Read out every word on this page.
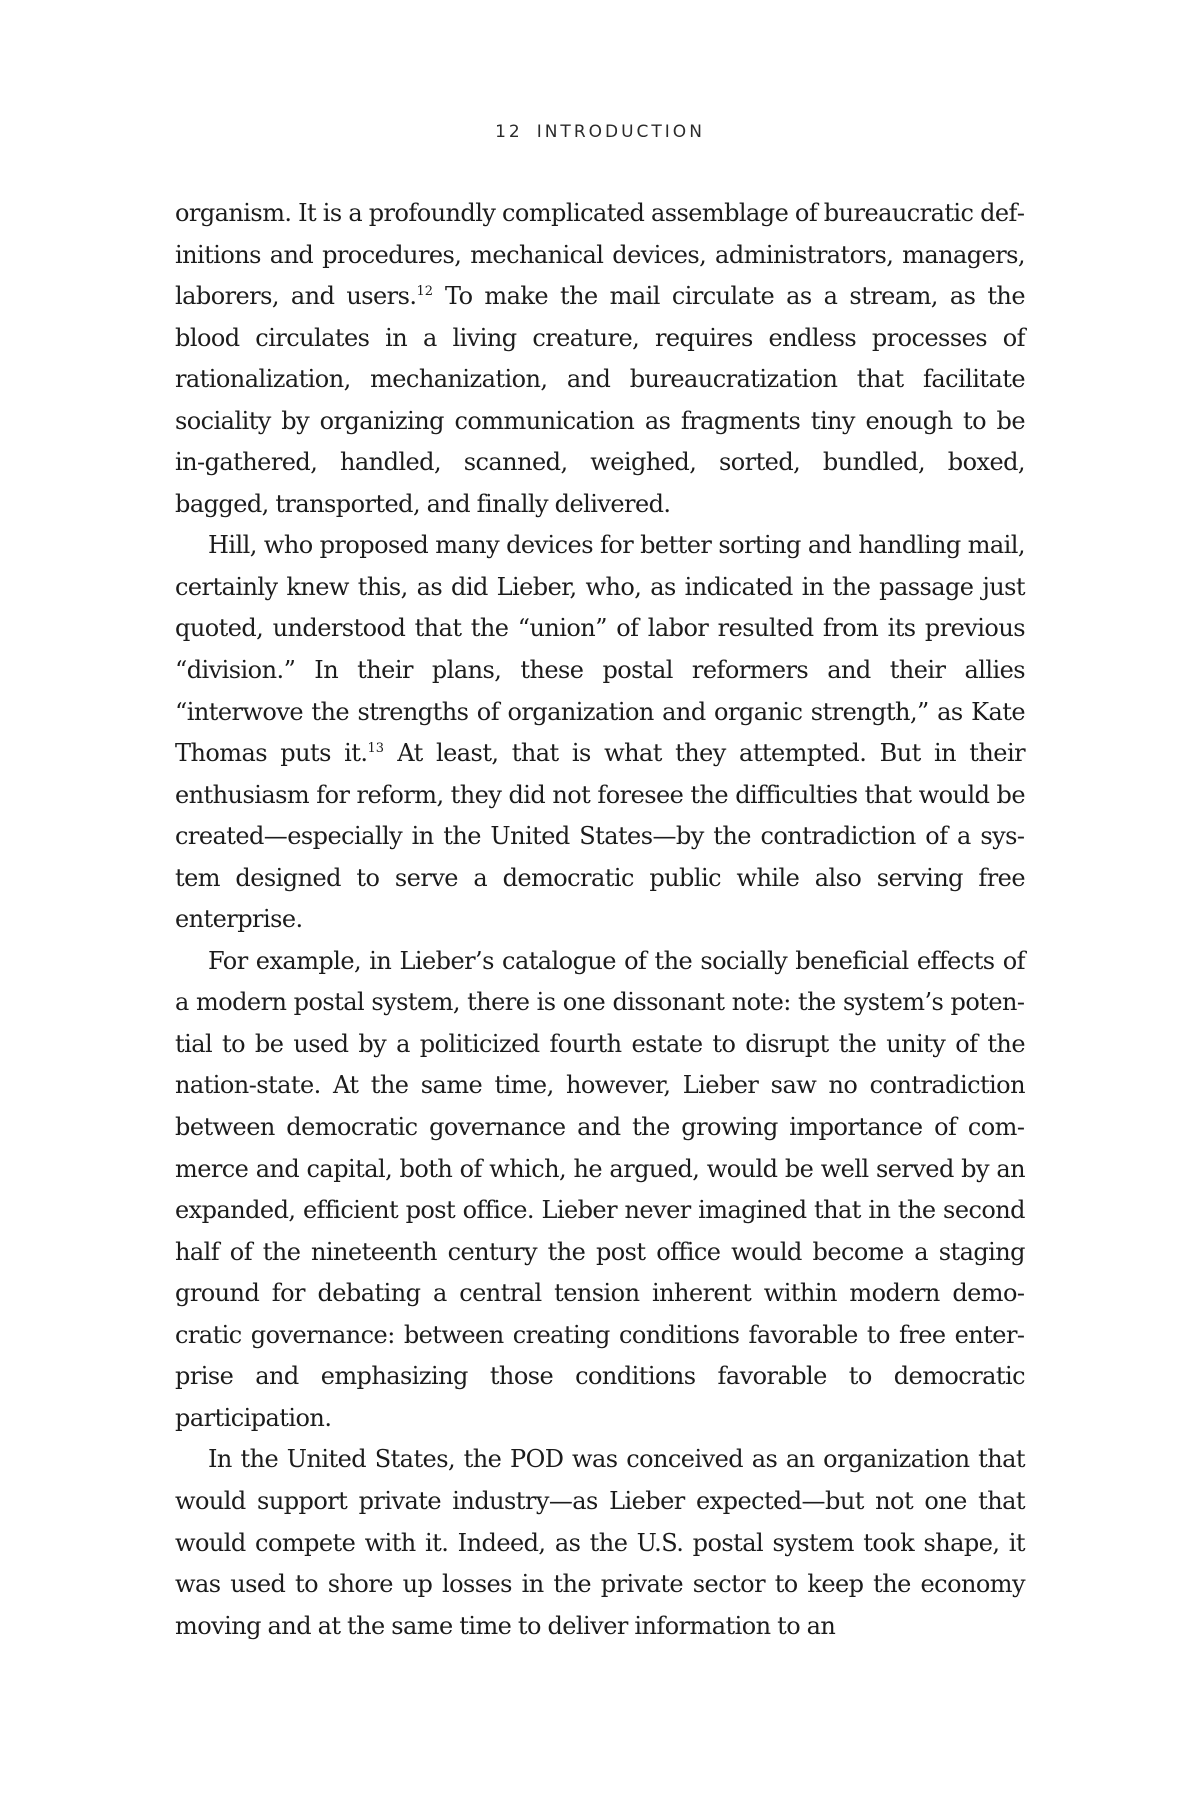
12 INTRODUCTION

organism. It is a profoundly complicated assemblage of bureaucratic definitions and procedures, mechanical devices, administrators, managers, laborers, and users.$^{12}$ To make the mail circulate as a stream, as the blood circulates in a living creature, requires endless processes of rationalization, mechanization, and bureaucratization that facilitate sociality by organizing communication as fragments tiny enough to be in-gathered, handled, scanned, weighed, sorted, bundled, boxed, bagged, transported, and finally delivered.

Hill, who proposed many devices for better sorting and handling mail, certainly knew this, as did Lieber, who, as indicated in the passage just quoted, understood that the “union” of labor resulted from its previous “division.” In their plans, these postal reformers and their allies “interwove the strengths of organization and organic strength,” as Kate Thomas puts it.$^{13}$ At least, that is what they attempted. But in their enthusiasm for reform, they did not foresee the difficulties that would be created—especially in the United States—by the contradiction of a system designed to serve a democratic public while also serving free enterprise.

For example, in Lieber’s catalogue of the socially beneficial effects of a modern postal system, there is one dissonant note: the system’s potential to be used by a politicized fourth estate to disrupt the unity of the nation-state. At the same time, however, Lieber saw no contradiction between democratic governance and the growing importance of commerce and capital, both of which, he argued, would be well served by an expanded, efficient post office. Lieber never imagined that in the second half of the nineteenth century the post office would become a staging ground for debating a central tension inherent within modern democratic governance: between creating conditions favorable to free enterprise and emphasizing those conditions favorable to democratic participation.

In the United States, the POD was conceived as an organization that would support private industry—as Lieber expected—but not one that would compete with it. Indeed, as the U.S. postal system took shape, it was used to shore up losses in the private sector to keep the economy moving and at the same time to deliver information to an
